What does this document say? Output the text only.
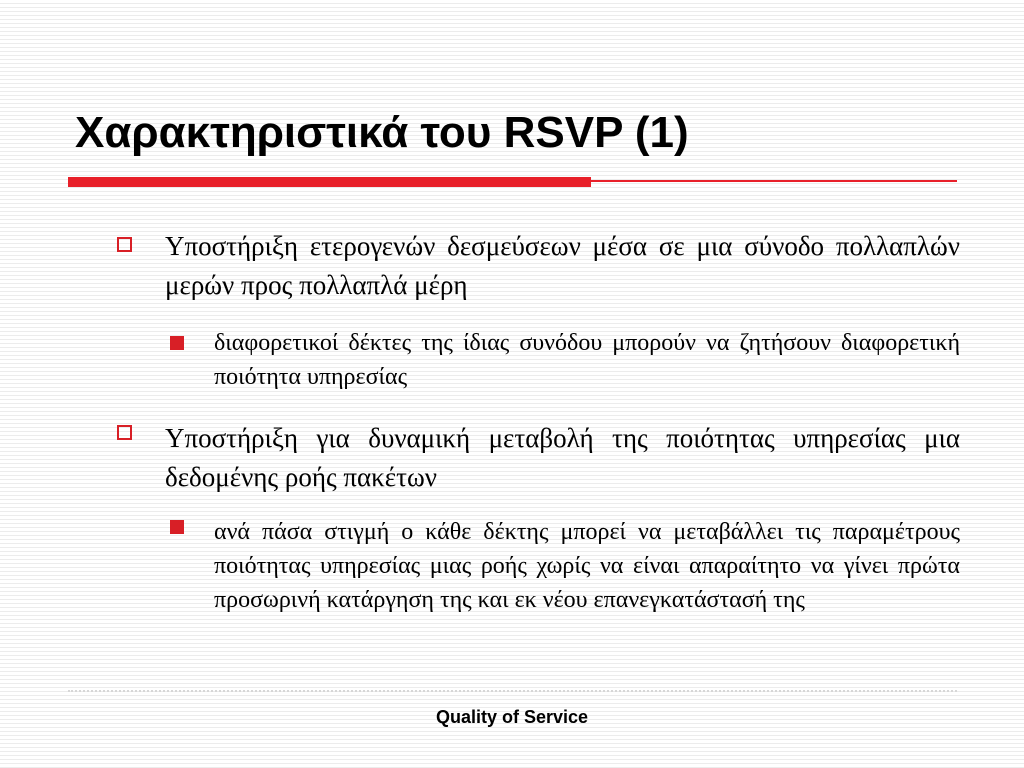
Χαρακτηριστικά του RSVP (1)
Υποστήριξη ετερογενών δεσμεύσεων μέσα σε μια σύνοδο πολλαπλών μερών προς πολλαπλά μέρη
διαφορετικοί δέκτες της ίδιας συνόδου μπορούν να ζητήσουν διαφορετική ποιότητα υπηρεσίας
Υποστήριξη για δυναμική μεταβολή της ποιότητας υπηρεσίας μια δεδομένης ροής πακέτων
ανά πάσα στιγμή ο κάθε δέκτης μπορεί να μεταβάλλει τις παραμέτρους ποιότητας υπηρεσίας μιας ροής χωρίς να είναι απαραίτητο να γίνει πρώτα προσωρινή κατάργηση της και εκ νέου επανεγκατάστασή της
Quality of Service
